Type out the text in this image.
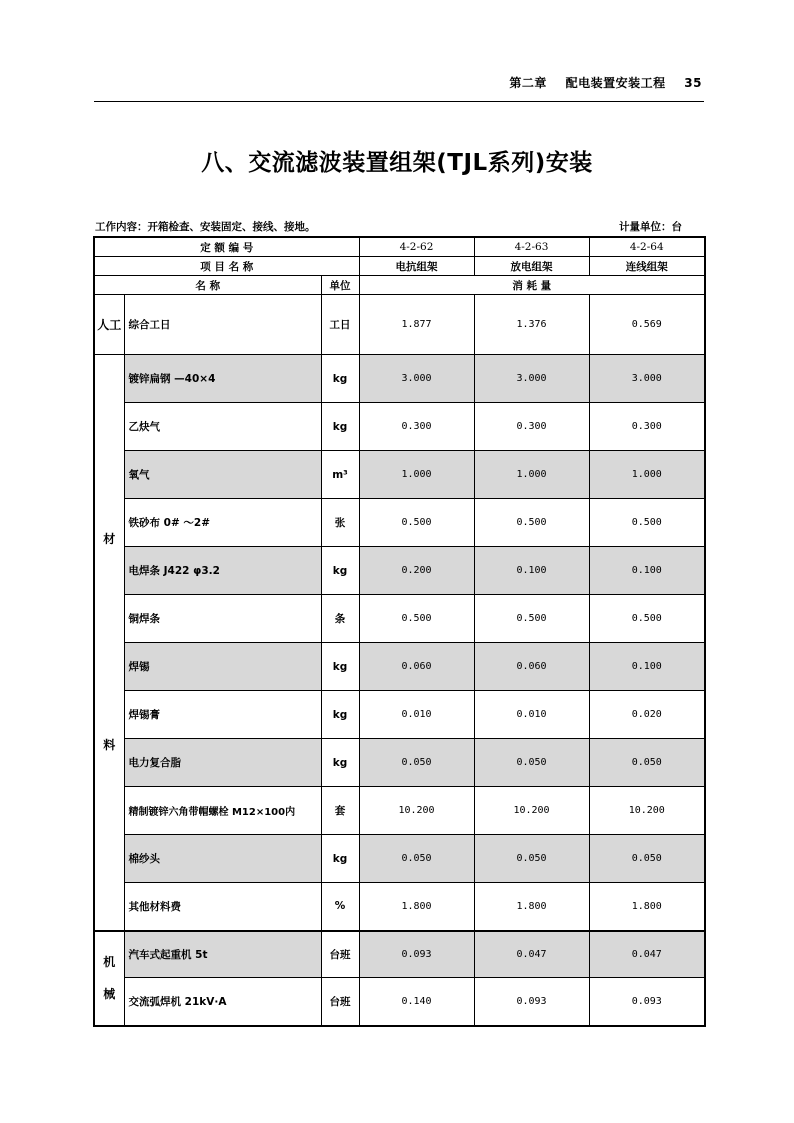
第二章 配电装置安装工程 35
八、交流滤波装置组架(TJL系列)安装
工作内容：开箱检查、安装固定、接线、接地。	计量单位：台
定 额 编 号			4-2-62	4-2-63	4-2-64
项 目 名 称			电抗组架	放电组架	连线组架
名 称		单位	消 耗 量		
人工	综合工日	工日	1.877	1.376	0.569

材
料	镀锌扁钢 —40×4	kg	3.000	3.000	3.000
	乙炔气	kg	0.300	0.300	0.300
	氧气	m³	1.000	1.000	1.000
	铁砂布 0# ～2#	张	0.500	0.500	0.500
	电焊条 J422 φ3.2	kg	0.200	0.100	0.100
	铜焊条	条	0.500	0.500	0.500
	焊锡	kg	0.060	0.060	0.100
	焊锡膏	kg	0.010	0.010	0.020
	电力复合脂	kg	0.050	0.050	0.050
	精制镀锌六角带帽螺栓 M12×100内	套	10.200	10.200	10.200
	棉纱头	kg	0.050	0.050	0.050
	其他材料费	%	1.800	1.800	1.800

机
械	汽车式起重机 5t	台班	0.093	0.047	0.047
	交流弧焊机 21kV·A	台班	0.140	0.093	0.093
